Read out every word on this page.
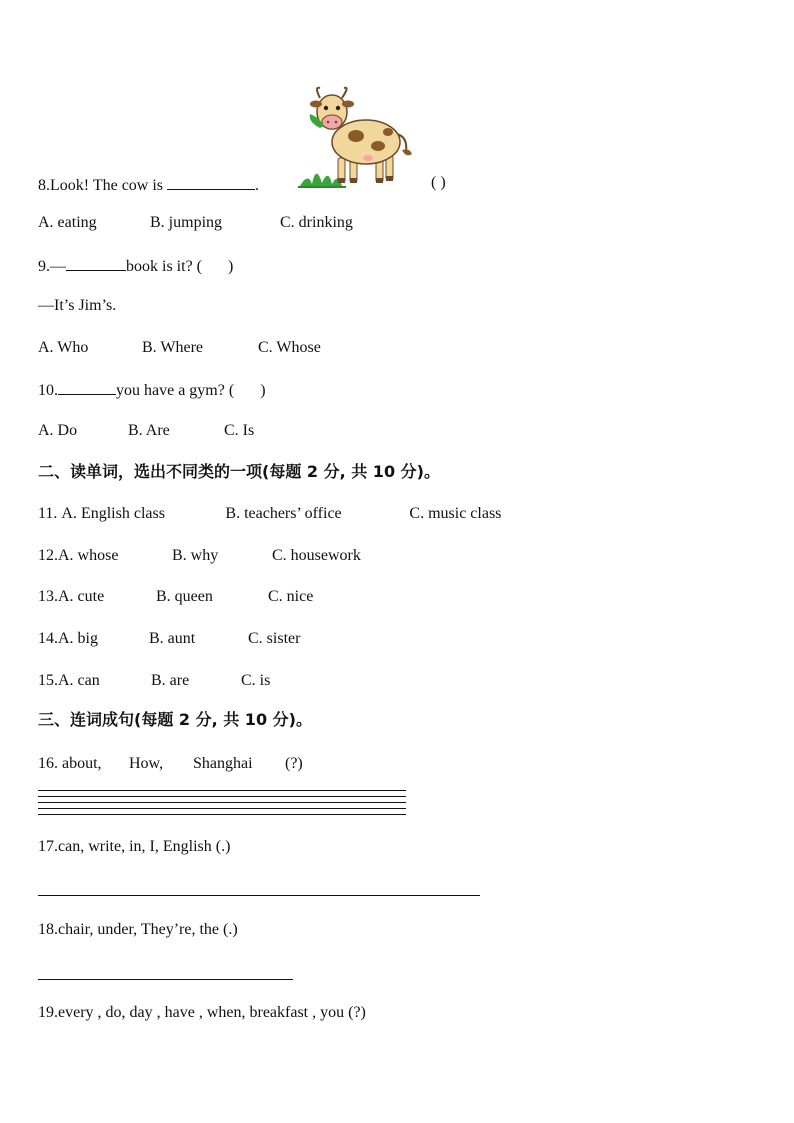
8.Look! The cow is	.	( )
A. eating	B. jumping	C. drinking
9.—	book is it? ( )
—It’s Jim’s.
A. Who	B. Where	C. Whose
10.	you have a gym? ( )
A. Do	B. Are	C. Is
二、读单词，选出不同类的一项(每题 2 分, 共 10 分)。
11. A. English class	B. teachers’ office	C. music class
12.A. whose	B. why	C. housework
13.A. cute	B. queen	C. nice
14.A. big	B. aunt	C. sister
15.A. can	B. are	C. is
三、连词成句(每题 2 分, 共 10 分)。
16. about, How, Shanghai (?)
17.can, write, in, I, English (.)
18.chair, under, They’re, the (.)
19.every , do, day , have , when, breakfast , you (?)
